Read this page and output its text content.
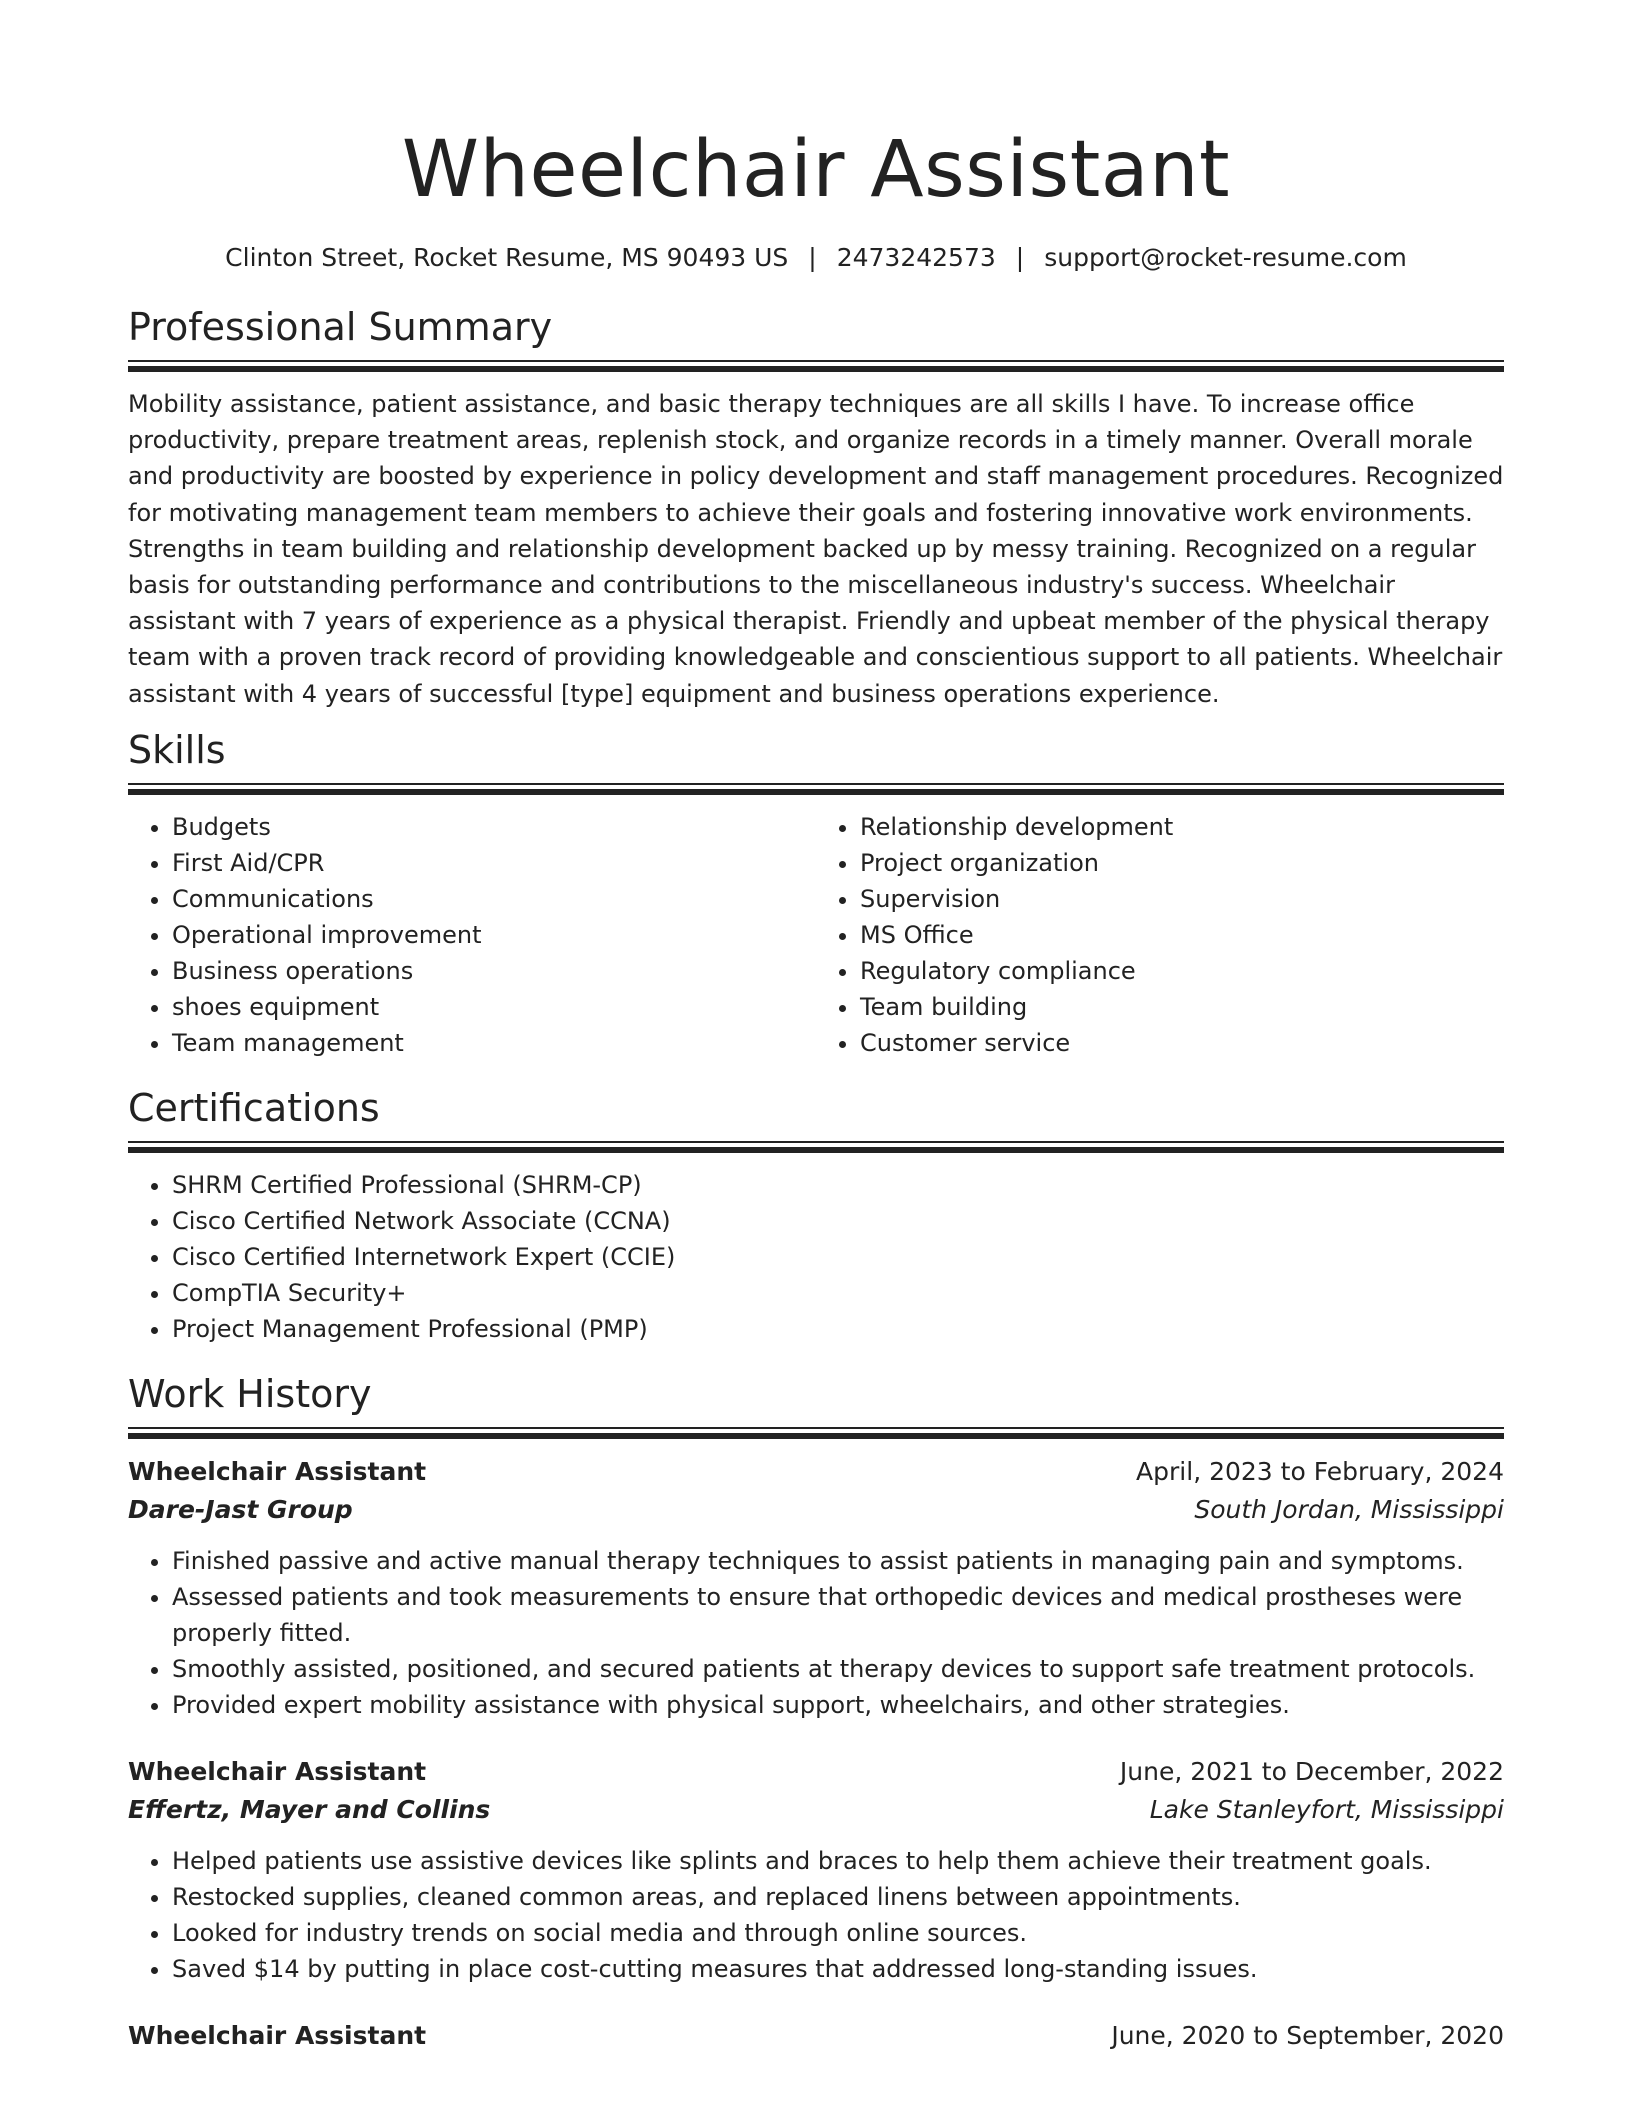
Wheelchair Assistant
Clinton Street, Rocket Resume, MS 90493 US | 2473242573 | support@rocket-resume.com
Professional Summary

Mobility assistance, patient assistance, and basic therapy techniques are all skills I have. To increase office productivity, prepare treatment areas, replenish stock, and organize records in a timely manner. Overall morale and productivity are boosted by experience in policy development and staff management procedures. Recognized for motivating management team members to achieve their goals and fostering innovative work environments. Strengths in team building and relationship development backed up by messy training. Recognized on a regular basis for outstanding performance and contributions to the miscellaneous industry's success. Wheelchair assistant with 7 years of experience as a physical therapist. Friendly and upbeat member of the physical therapy team with a proven track record of providing knowledgeable and conscientious support to all patients. Wheelchair assistant with 4 years of successful [type] equipment and business operations experience.

Skills
• Budgets
• First Aid/CPR
• Communications
• Operational improvement
• Business operations
• shoes equipment
• Team management
• Relationship development
• Project organization
• Supervision
• MS Office
• Regulatory compliance
• Team building
• Customer service
Certifications
• SHRM Certified Professional (SHRM-CP)
• Cisco Certified Network Associate (CCNA)
• Cisco Certified Internetwork Expert (CCIE)
• CompTIA Security+
• Project Management Professional (PMP)
Work History
Wheelchair Assistant	April, 2023 to February, 2024
Dare-Jast Group	South Jordan, Mississippi
• Finished passive and active manual therapy techniques to assist patients in managing pain and symptoms.
• Assessed patients and took measurements to ensure that orthopedic devices and medical prostheses were properly fitted.
• Smoothly assisted, positioned, and secured patients at therapy devices to support safe treatment protocols.
• Provided expert mobility assistance with physical support, wheelchairs, and other strategies.
Wheelchair Assistant	June, 2021 to December, 2022
Effertz, Mayer and Collins	Lake Stanleyfort, Mississippi
• Helped patients use assistive devices like splints and braces to help them achieve their treatment goals.
• Restocked supplies, cleaned common areas, and replaced linens between appointments.
• Looked for industry trends on social media and through online sources.
• Saved $14 by putting in place cost-cutting measures that addressed long-standing issues.
Wheelchair Assistant	June, 2020 to September, 2020
